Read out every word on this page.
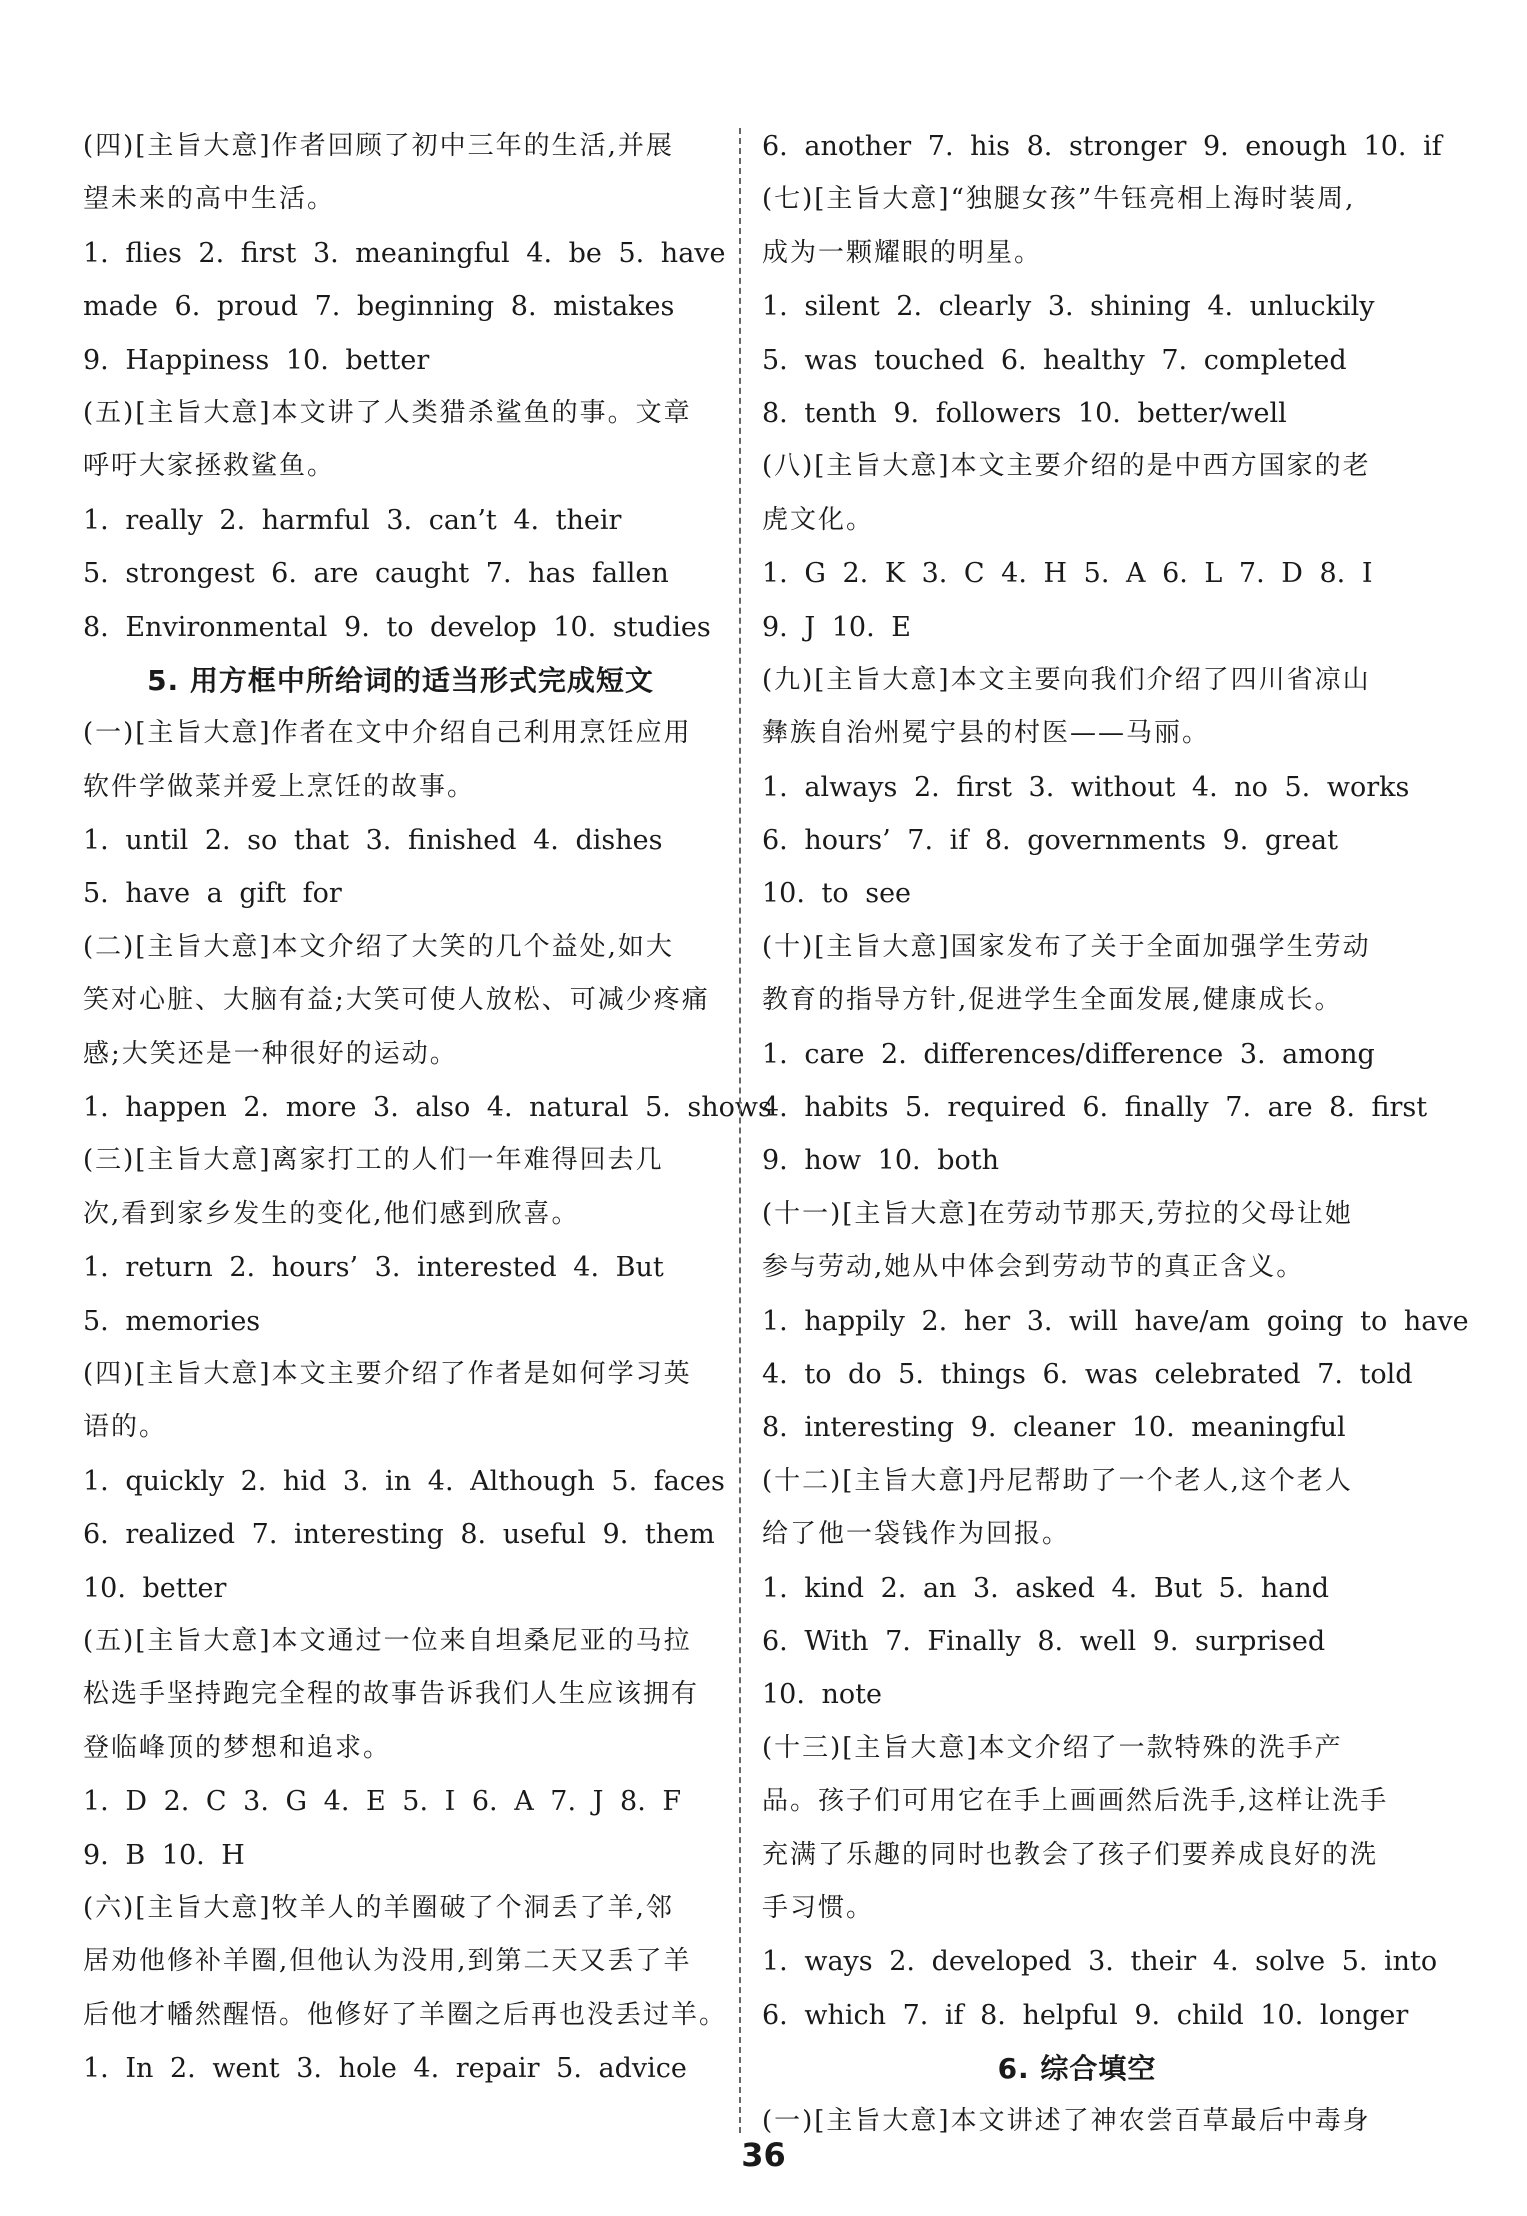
(四)[主旨大意]作者回顾了初中三年的生活,并展
望未来的高中生活。
1. flies 2. first 3. meaningful 4. be 5. have
made 6. proud 7. beginning 8. mistakes
9. Happiness 10. better
(五)[主旨大意]本文讲了人类猎杀鲨鱼的事。文章
呼吁大家拯救鲨鱼。
1. really 2. harmful 3. can’t 4. their
5. strongest 6. are caught 7. has fallen
8. Environmental 9. to develop 10. studies
5. 用方框中所给词的适当形式完成短文
(一)[主旨大意]作者在文中介绍自己利用烹饪应用
软件学做菜并爱上烹饪的故事。
1. until 2. so that 3. finished 4. dishes
5. have a gift for
(二)[主旨大意]本文介绍了大笑的几个益处,如大
笑对心脏、大脑有益;大笑可使人放松、可减少疼痛
感;大笑还是一种很好的运动。
1. happen 2. more 3. also 4. natural 5. shows
(三)[主旨大意]离家打工的人们一年难得回去几
次,看到家乡发生的变化,他们感到欣喜。
1. return 2. hours’ 3. interested 4. But
5. memories
(四)[主旨大意]本文主要介绍了作者是如何学习英
语的。
1. quickly 2. hid 3. in 4. Although 5. faces
6. realized 7. interesting 8. useful 9. them
10. better
(五)[主旨大意]本文通过一位来自坦桑尼亚的马拉
松选手坚持跑完全程的故事告诉我们人生应该拥有
登临峰顶的梦想和追求。
1. D 2. C 3. G 4. E 5. I 6. A 7. J 8. F
9. B 10. H
(六)[主旨大意]牧羊人的羊圈破了个洞丢了羊,邻
居劝他修补羊圈,但他认为没用,到第二天又丢了羊
后他才幡然醒悟。他修好了羊圈之后再也没丢过羊。
1. In 2. went 3. hole 4. repair 5. advice
6. another 7. his 8. stronger 9. enough 10. if
(七)[主旨大意]“独腿女孩”牛钰亮相上海时装周,
成为一颗耀眼的明星。
1. silent 2. clearly 3. shining 4. unluckily
5. was touched 6. healthy 7. completed
8. tenth 9. followers 10. better/well
(八)[主旨大意]本文主要介绍的是中西方国家的老
虎文化。
1. G 2. K 3. C 4. H 5. A 6. L 7. D 8. I
9. J 10. E
(九)[主旨大意]本文主要向我们介绍了四川省凉山
彝族自治州冕宁县的村医——马丽。
1. always 2. first 3. without 4. no 5. works
6. hours’ 7. if 8. governments 9. great
10. to see
(十)[主旨大意]国家发布了关于全面加强学生劳动
教育的指导方针,促进学生全面发展,健康成长。
1. care 2. differences/difference 3. among
4. habits 5. required 6. finally 7. are 8. first
9. how 10. both
(十一)[主旨大意]在劳动节那天,劳拉的父母让她
参与劳动,她从中体会到劳动节的真正含义。
1. happily 2. her 3. will have/am going to have
4. to do 5. things 6. was celebrated 7. told
8. interesting 9. cleaner 10. meaningful
(十二)[主旨大意]丹尼帮助了一个老人,这个老人
给了他一袋钱作为回报。
1. kind 2. an 3. asked 4. But 5. hand
6. With 7. Finally 8. well 9. surprised
10. note
(十三)[主旨大意]本文介绍了一款特殊的洗手产
品。孩子们可用它在手上画画然后洗手,这样让洗手
充满了乐趣的同时也教会了孩子们要养成良好的洗
手习惯。
1. ways 2. developed 3. their 4. solve 5. into
6. which 7. if 8. helpful 9. child 10. longer
6. 综合填空
(一)[主旨大意]本文讲述了神农尝百草最后中毒身
36
